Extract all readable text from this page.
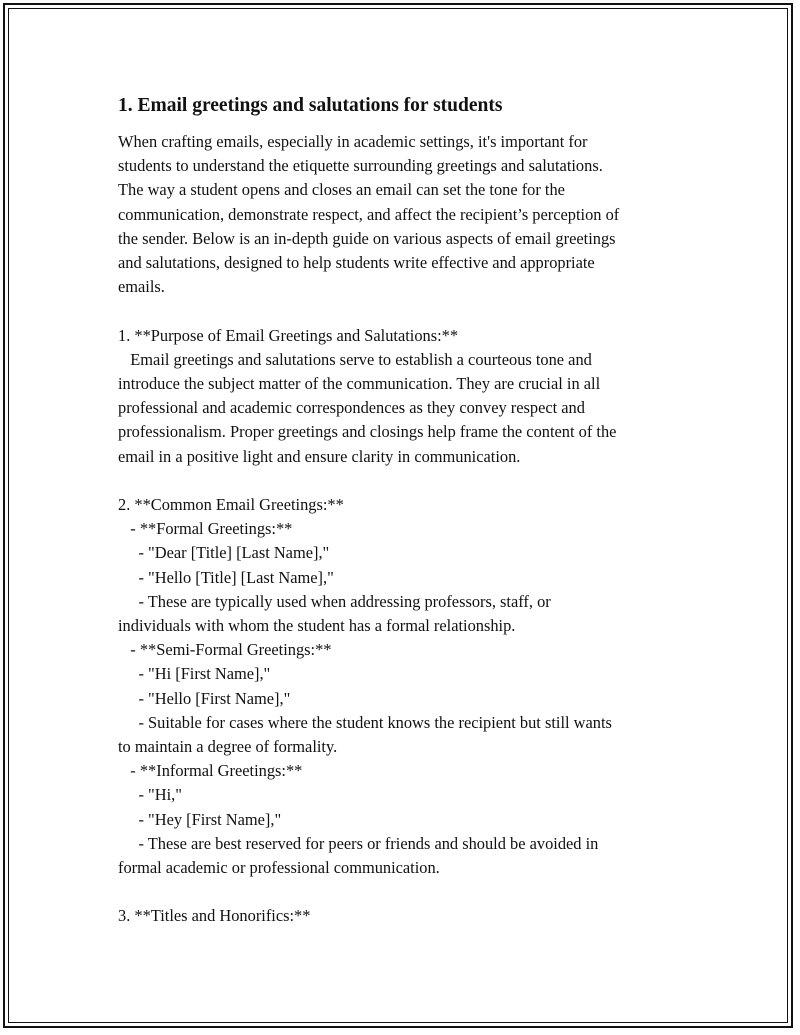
1. Email greetings and salutations for students

When crafting emails, especially in academic settings, it's important for
students to understand the etiquette surrounding greetings and salutations.
The way a student opens and closes an email can set the tone for the
communication, demonstrate respect, and affect the recipient’s perception of
the sender. Below is an in-depth guide on various aspects of email greetings
and salutations, designed to help students write effective and appropriate
emails.

1. **Purpose of Email Greetings and Salutations:**
Email greetings and salutations serve to establish a courteous tone and
introduce the subject matter of the communication. They are crucial in all
professional and academic correspondences as they convey respect and
professionalism. Proper greetings and closings help frame the content of the
email in a positive light and ensure clarity in communication.

2. **Common Email Greetings:**
- **Formal Greetings:**
- "Dear [Title] [Last Name],"
- "Hello [Title] [Last Name],"
- These are typically used when addressing professors, staff, or
individuals with whom the student has a formal relationship.
- **Semi-Formal Greetings:**
- "Hi [First Name],"
- "Hello [First Name],"
- Suitable for cases where the student knows the recipient but still wants
to maintain a degree of formality.
- **Informal Greetings:**
- "Hi,"
- "Hey [First Name],"
- These are best reserved for peers or friends and should be avoided in
formal academic or professional communication.

3. **Titles and Honorifics:**
